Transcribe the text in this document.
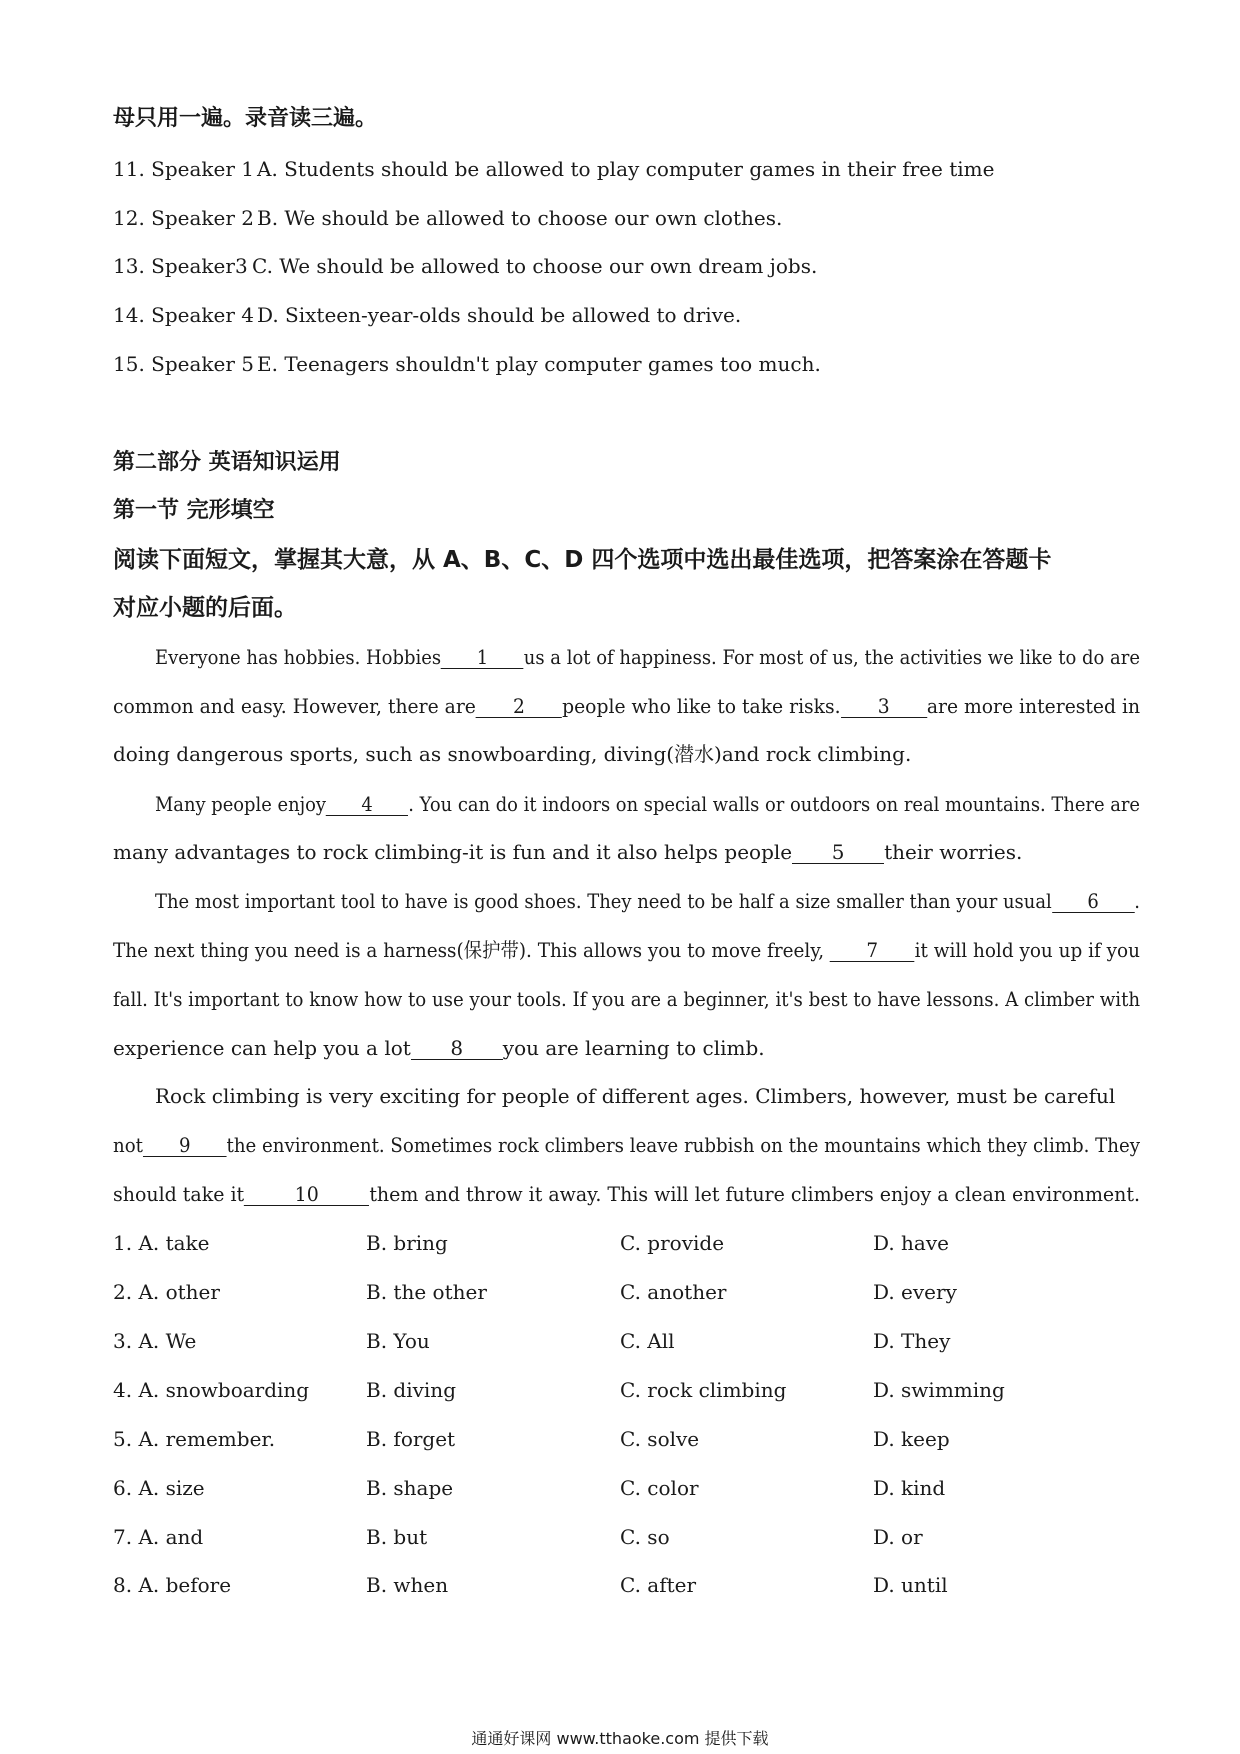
母只用一遍。录音读三遍。
11. Speaker 1 A. Students should be allowed to play computer games in their free time
12. Speaker 2 B. We should be allowed to choose our own clothes.
13. Speaker3 C. We should be allowed to choose our own dream jobs.
14. Speaker 4 D. Sixteen-year-olds should be allowed to drive.
15. Speaker 5 E. Teenagers shouldn't play computer games too much.
第二部分 英语知识运用
第一节 完形填空
阅读下面短文，掌握其大意，从 A、B、C、D 四个选项中选出最佳选项，把答案涂在答题卡
对应小题的后面。
Everyone has hobbies. Hobbies 1 us a lot of happiness. For most of us, the activities we like to do are
common and easy. However, there are 2 people who like to take risks. 3 are more interested in
doing dangerous sports, such as snowboarding, diving(潜水)and rock climbing.
Many people enjoy 4 . You can do it indoors on special walls or outdoors on real mountains. There are
many advantages to rock climbing-it is fun and it also helps people 5 their worries.
The most important tool to have is good shoes. They need to be half a size smaller than your usual 6 .
The next thing you need is a harness(保护带). This allows you to move freely, 7 it will hold you up if you
fall. It's important to know how to use your tools. If you are a beginner, it's best to have lessons. A climber with
experience can help you a lot 8 you are learning to climb.
Rock climbing is very exciting for people of different ages. Climbers, however, must be careful
not 9 the environment. Sometimes rock climbers leave rubbish on the mountains which they climb. They
should take it	10	them and throw it away. This will let future climbers enjoy a clean environment.
1. A. take	B. bring	C. provide	D. have
2. A. other	B. the other	C. another	D. every
3. A. We	B. You	C. All	D. They
4. A. snowboarding	B. diving	C. rock climbing	D. swimming
5. A. remember.	B. forget	C. solve	D. keep
6. A. size	B. shape	C. color	D. kind
7. A. and	B. but	C. so	D. or
8. A. before	B. when	C. after	D. until
通通好课网 www.tthaoke.com 提供下载
